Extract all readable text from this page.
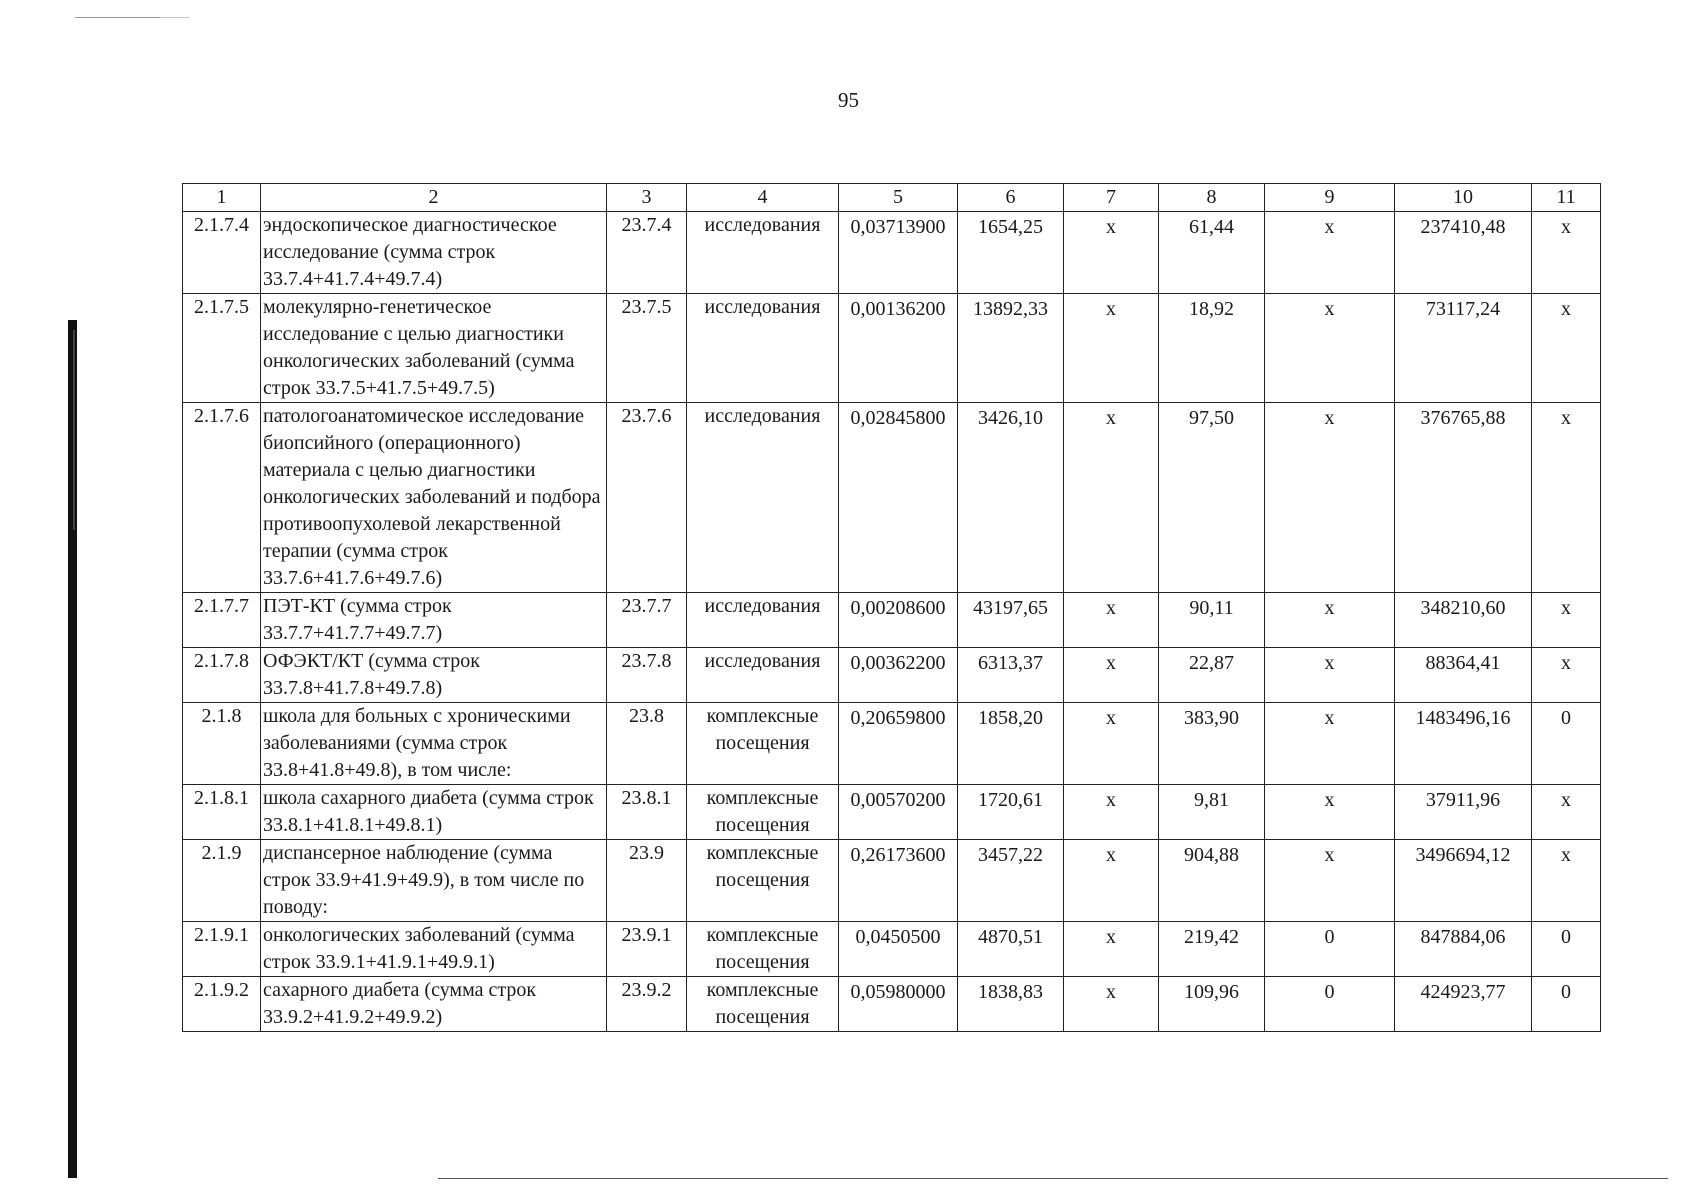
95
1	2	3	4	5	6	7	8	9	10	11
2.1.7.4	эндоскопическое диагностическое исследование (сумма строк 33.7.4+41.7.4+49.7.4)	23.7.4	исследования	0,03713900	1654,25	х	61,44	х	237410,48	х
2.1.7.5	молекулярно-генетическое исследование с целью диагностики онкологических заболеваний (сумма строк 33.7.5+41.7.5+49.7.5)	23.7.5	исследования	0,00136200	13892,33	х	18,92	х	73117,24	х
2.1.7.6	патологоанатомическое исследование биопсийного (операционного) материала с целью диагностики онкологических заболеваний и подбора противоопухолевой лекарственной терапии (сумма строк 33.7.6+41.7.6+49.7.6)	23.7.6	исследования	0,02845800	3426,10	х	97,50	х	376765,88	х
2.1.7.7	ПЭТ-КТ (сумма строк 33.7.7+41.7.7+49.7.7)	23.7.7	исследования	0,00208600	43197,65	х	90,11	х	348210,60	х
2.1.7.8	ОФЭКТ/КТ (сумма строк 33.7.8+41.7.8+49.7.8)	23.7.8	исследования	0,00362200	6313,37	х	22,87	х	88364,41	х
2.1.8	школа для больных с хроническими заболеваниями (сумма строк 33.8+41.8+49.8), в том числе:	23.8	комплексные посещения	0,20659800	1858,20	х	383,90	х	1483496,16	0
2.1.8.1	школа сахарного диабета (сумма строк 33.8.1+41.8.1+49.8.1)	23.8.1	комплексные посещения	0,00570200	1720,61	х	9,81	х	37911,96	х
2.1.9	диспансерное наблюдение (сумма строк 33.9+41.9+49.9), в том числе по поводу:	23.9	комплексные посещения	0,26173600	3457,22	х	904,88	х	3496694,12	х
2.1.9.1	онкологических заболеваний (сумма строк 33.9.1+41.9.1+49.9.1)	23.9.1	комплексные посещения	0,0450500	4870,51	х	219,42	0	847884,06	0
2.1.9.2	сахарного диабета (сумма строк 33.9.2+41.9.2+49.9.2)	23.9.2	комплексные посещения	0,05980000	1838,83	х	109,96	0	424923,77	0
